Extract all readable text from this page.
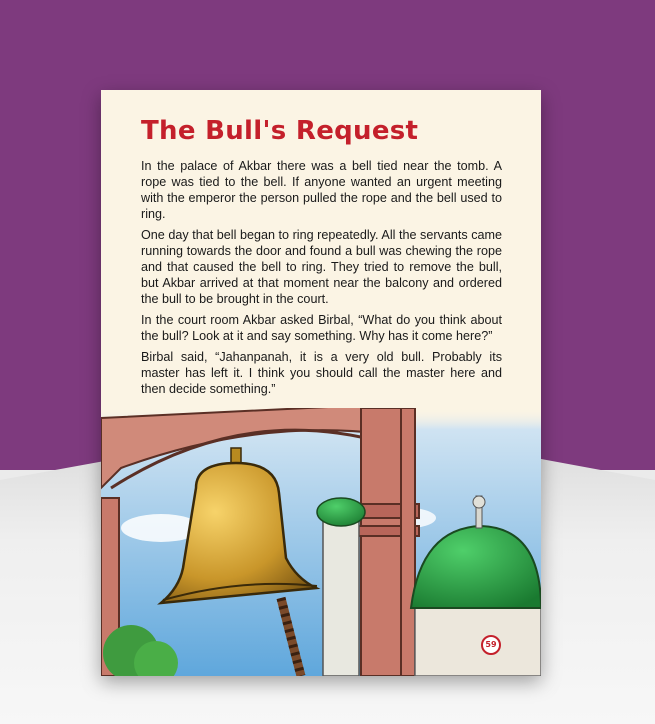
The Bull's Request

In the palace of Akbar there was a bell tied near the tomb. A rope was tied to the bell. If anyone wanted an urgent meeting with the emperor the person pulled the rope and the bell used to ring.

One day that bell began to ring repeatedly. All the servants came running towards the door and found a bull was chewing the rope and that caused the bell to ring. They tried to remove the bull, but Akbar arrived at that moment near the balcony and ordered the bull to be brought in the court.

In the court room Akbar asked Birbal, “What do you think about the bull? Look at it and say something. Why has it come here?”

Birbal said, “Jahanpanah, it is a very old bull. Probably its master has left it. I think you should call the master here and then decide something.”

59
